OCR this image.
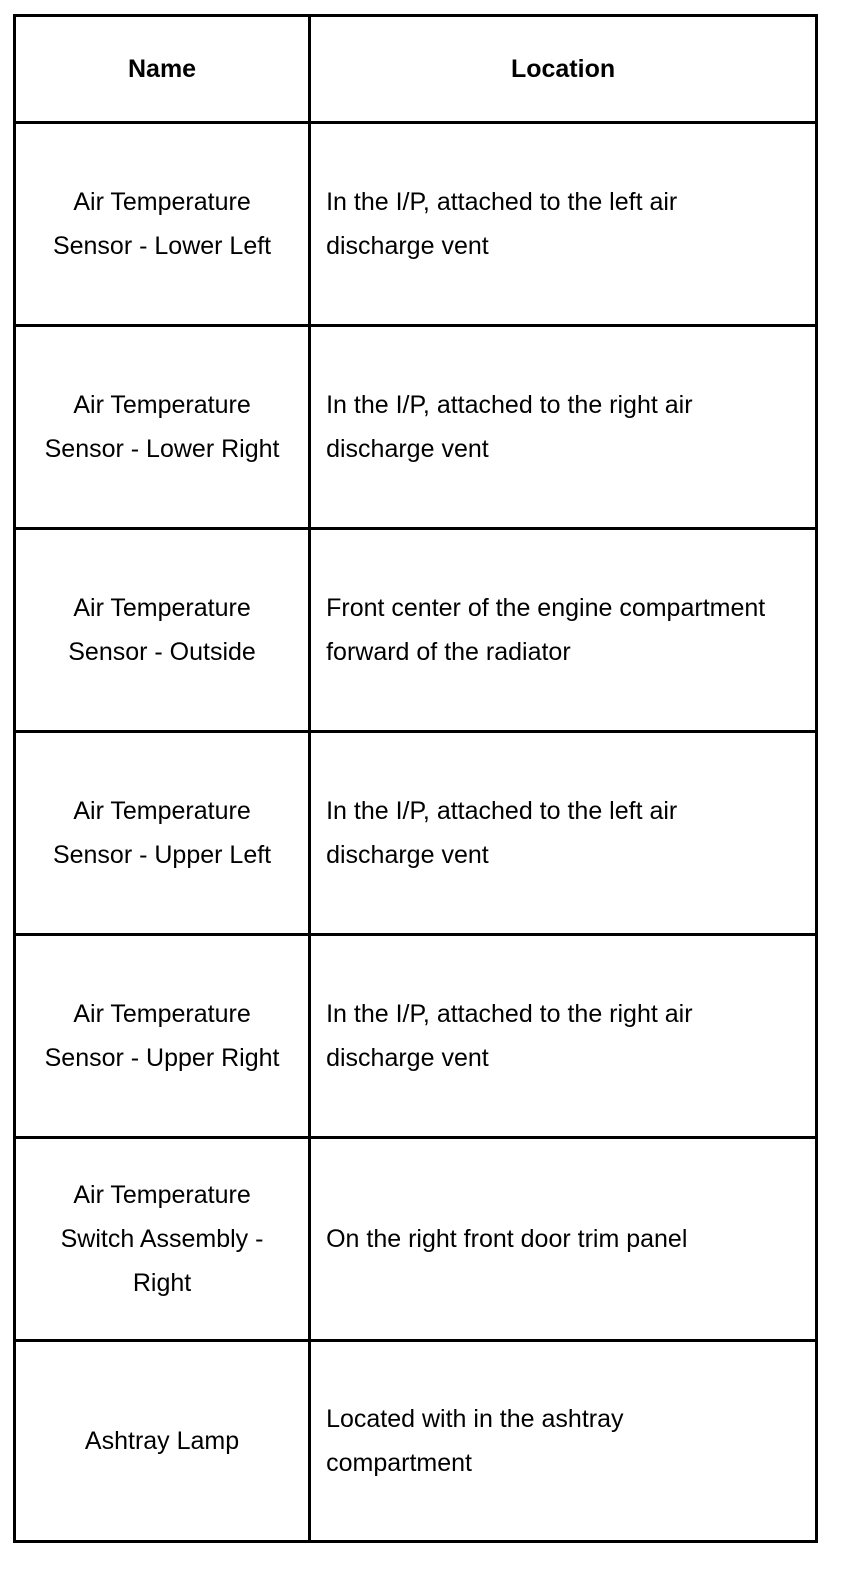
Name	Location
Air Temperature Sensor - Lower Left	In the I/P, attached to the left air discharge vent
Air Temperature Sensor - Lower Right	In the I/P, attached to the right air discharge vent
Air Temperature Sensor - Outside	Front center of the engine compartment forward of the radiator
Air Temperature Sensor - Upper Left	In the I/P, attached to the left air discharge vent
Air Temperature Sensor - Upper Right	In the I/P, attached to the right air discharge vent
Air Temperature Switch Assembly - Right	On the right front door trim panel
Ashtray Lamp	Located with in the ashtray compartment
